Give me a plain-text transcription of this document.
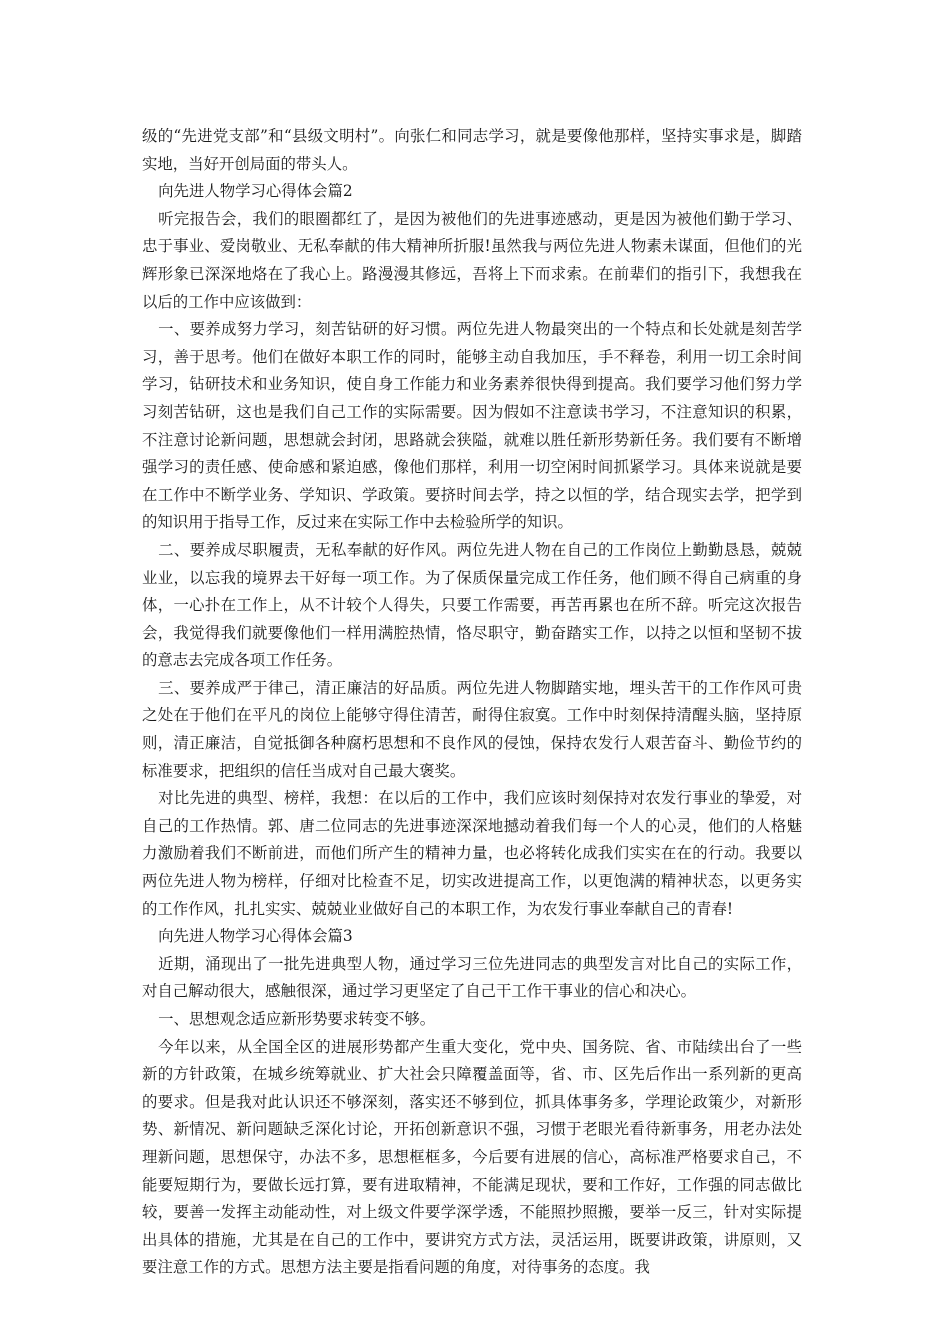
级的“先进党支部”和“县级文明村”。向张仁和同志学习，就是要像他那样，坚持实事求是，脚踏实地，当好开创局面的带头人。

向先进人物学习心得体会篇2

听完报告会，我们的眼圈都红了，是因为被他们的先进事迹感动，更是因为被他们勤于学习、忠于事业、爱岗敬业、无私奉献的伟大精神所折服!虽然我与两位先进人物素未谋面，但他们的光辉形象已深深地烙在了我心上。路漫漫其修远，吾将上下而求索。在前辈们的指引下，我想我在以后的工作中应该做到：

一、要养成努力学习，刻苦钻研的好习惯。两位先进人物最突出的一个特点和长处就是刻苦学习，善于思考。他们在做好本职工作的同时，能够主动自我加压，手不释卷，利用一切工余时间学习，钻研技术和业务知识，使自身工作能力和业务素养很快得到提高。我们要学习他们努力学习刻苦钻研，这也是我们自己工作的实际需要。因为假如不注意读书学习，不注意知识的积累，不注意讨论新问题，思想就会封闭，思路就会狭隘，就难以胜任新形势新任务。我们要有不断增强学习的责任感、使命感和紧迫感，像他们那样，利用一切空闲时间抓紧学习。具体来说就是要在工作中不断学业务、学知识、学政策。要挤时间去学，持之以恒的学，结合现实去学，把学到的知识用于指导工作，反过来在实际工作中去检验所学的知识。

二、要养成尽职履责，无私奉献的好作风。两位先进人物在自己的工作岗位上勤勤恳恳，兢兢业业，以忘我的境界去干好每一项工作。为了保质保量完成工作任务，他们顾不得自己病重的身体，一心扑在工作上，从不计较个人得失，只要工作需要，再苦再累也在所不辞。听完这次报告会，我觉得我们就要像他们一样用满腔热情，恪尽职守，勤奋踏实工作，以持之以恒和坚韧不拔的意志去完成各项工作任务。

三、要养成严于律己，清正廉洁的好品质。两位先进人物脚踏实地，埋头苦干的工作作风可贵之处在于他们在平凡的岗位上能够守得住清苦，耐得住寂寞。工作中时刻保持清醒头脑，坚持原则，清正廉洁，自觉抵御各种腐朽思想和不良作风的侵蚀，保持农发行人艰苦奋斗、勤俭节约的标准要求，把组织的信任当成对自己最大褒奖。

对比先进的典型、榜样，我想：在以后的工作中，我们应该时刻保持对农发行事业的挚爱，对自己的工作热情。郭、唐二位同志的先进事迹深深地撼动着我们每一个人的心灵，他们的人格魅力激励着我们不断前进，而他们所产生的精神力量，也必将转化成我们实实在在的行动。我要以两位先进人物为榜样，仔细对比检查不足，切实改进提高工作，以更饱满的精神状态，以更务实的工作作风，扎扎实实、兢兢业业做好自己的本职工作，为农发行事业奉献自己的青春!

向先进人物学习心得体会篇3

近期，涌现出了一批先进典型人物，通过学习三位先进同志的典型发言对比自己的实际工作，对自己解动很大，感触很深，通过学习更坚定了自己干工作干事业的信心和决心。

一、思想观念适应新形势要求转变不够。

今年以来，从全国全区的进展形势都产生重大变化，党中央、国务院、省、市陆续出台了一些新的方针政策，在城乡统筹就业、扩大社会只障覆盖面等，省、市、区先后作出一系列新的更高的要求。但是我对此认识还不够深刻，落实还不够到位，抓具体事务多，学理论政策少，对新形势、新情况、新问题缺乏深化讨论，开拓创新意识不强，习惯于老眼光看待新事务，用老办法处理新问题，思想保守，办法不多，思想框框多，今后要有进展的信心，高标准严格要求自己，不能要短期行为，要做长远打算，要有进取精神，不能满足现状，要和工作好，工作强的同志做比较，要善一发挥主动能动性，对上级文件要学深学透，不能照抄照搬，要举一反三，针对实际提出具体的措施，尤其是在自己的工作中，要讲究方式方法，灵活运用，既要讲政策，讲原则，又要注意工作的方式。思想方法主要是指看问题的角度，对待事务的态度。我
